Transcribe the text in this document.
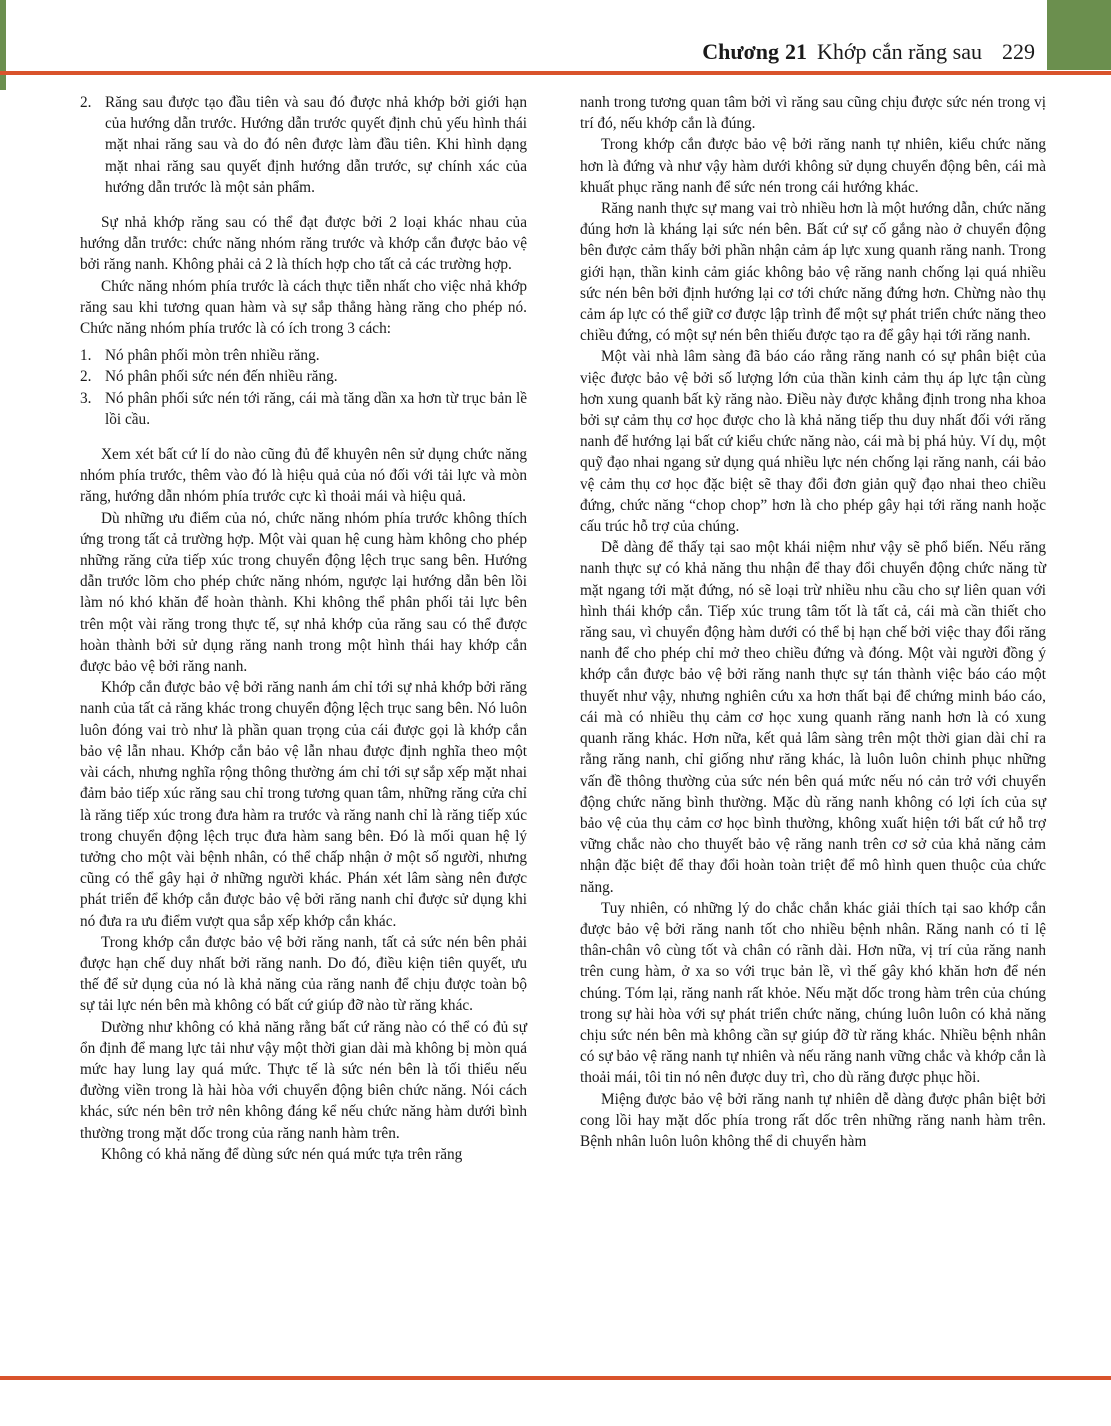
Chương 21 Khớp cắn răng sau 229
2. Răng sau được tạo đầu tiên và sau đó được nhả khớp bởi giới hạn của hướng dẫn trước. Hướng dẫn trước quyết định chủ yếu hình thái mặt nhai răng sau và do đó nên được làm đầu tiên. Khi hình dạng mặt nhai răng sau quyết định hướng dẫn trước, sự chính xác của hướng dẫn trước là một sản phẩm.

Sự nhả khớp răng sau có thể đạt được bởi 2 loại khác nhau của hướng dẫn trước: chức năng nhóm răng trước và khớp cắn được bảo vệ bởi răng nanh. Không phải cả 2 là thích hợp cho tất cả các trường hợp.

Chức năng nhóm phía trước là cách thực tiễn nhất cho việc nhả khớp răng sau khi tương quan hàm và sự sắp thẳng hàng răng cho phép nó. Chức năng nhóm phía trước là có ích trong 3 cách:

1. Nó phân phối mòn trên nhiều răng.
2. Nó phân phối sức nén đến nhiều răng.
3. Nó phân phối sức nén tới răng, cái mà tăng dần xa hơn từ trục bản lề lồi cầu.

Xem xét bất cứ lí do nào cũng đủ để khuyên nên sử dụng chức năng nhóm phía trước, thêm vào đó là hiệu quả của nó đối với tải lực và mòn răng, hướng dẫn nhóm phía trước cực kì thoải mái và hiệu quả.

Dù những ưu điểm của nó, chức năng nhóm phía trước không thích ứng trong tất cả trường hợp. Một vài quan hệ cung hàm không cho phép những răng cửa tiếp xúc trong chuyển động lệch trục sang bên. Hướng dẫn trước lõm cho phép chức năng nhóm, ngược lại hướng dẫn bên lồi làm nó khó khăn để hoàn thành. Khi không thể phân phối tải lực bên trên một vài răng trong thực tế, sự nhả khớp của răng sau có thể được hoàn thành bởi sử dụng răng nanh trong một hình thái hay khớp cắn được bảo vệ bởi răng nanh.

Khớp cắn được bảo vệ bởi răng nanh ám chỉ tới sự nhả khớp bởi răng nanh của tất cả răng khác trong chuyển động lệch trục sang bên. Nó luôn luôn đóng vai trò như là phần quan trọng của cái được gọi là khớp cắn bảo vệ lẫn nhau. Khớp cắn bảo vệ lẫn nhau được định nghĩa theo một vài cách, nhưng nghĩa rộng thông thường ám chỉ tới sự sắp xếp mặt nhai đảm bảo tiếp xúc răng sau chỉ trong tương quan tâm, những răng cửa chỉ là răng tiếp xúc trong đưa hàm ra trước và răng nanh chỉ là răng tiếp xúc trong chuyển động lệch trục đưa hàm sang bên. Đó là mối quan hệ lý tưởng cho một vài bệnh nhân, có thể chấp nhận ở một số người, nhưng cũng có thể gây hại ở những người khác. Phán xét lâm sàng nên được phát triển để khớp cắn được bảo vệ bởi răng nanh chỉ được sử dụng khi nó đưa ra ưu điểm vượt qua sắp xếp khớp cắn khác.

Trong khớp cắn được bảo vệ bởi răng nanh, tất cả sức nén bên phải được hạn chế duy nhất bởi răng nanh. Do đó, điều kiện tiên quyết, ưu thế để sử dụng của nó là khả năng của răng nanh để chịu được toàn bộ sự tải lực nén bên mà không có bất cứ giúp đỡ nào từ răng khác.

Dường như không có khả năng rằng bất cứ răng nào có thể có đủ sự ổn định để mang lực tải như vậy một thời gian dài mà không bị mòn quá mức hay lung lay quá mức. Thực tế là sức nén bên là tối thiểu nếu đường viền trong là hài hòa với chuyển động biên chức năng. Nói cách khác, sức nén bên trở nên không đáng kể nếu chức năng hàm dưới bình thường trong mặt dốc trong của răng nanh hàm trên.

Không có khả năng để dùng sức nén quá mức tựa trên răng

nanh trong tương quan tâm bởi vì răng sau cũng chịu được sức nén trong vị trí đó, nếu khớp cắn là đúng.

Trong khớp cắn được bảo vệ bởi răng nanh tự nhiên, kiểu chức năng hơn là đứng và như vậy hàm dưới không sử dụng chuyển động bên, cái mà khuất phục răng nanh để sức nén trong cái hướng khác.

Răng nanh thực sự mang vai trò nhiều hơn là một hướng dẫn, chức năng đúng hơn là kháng lại sức nén bên. Bất cứ sự cố gắng nào ở chuyển động bên được cảm thấy bởi phần nhận cảm áp lực xung quanh răng nanh. Trong giới hạn, thần kinh cảm giác không bảo vệ răng nanh chống lại quá nhiều sức nén bên bởi định hướng lại cơ tới chức năng đứng hơn. Chừng nào thụ cảm áp lực có thể giữ cơ được lập trình để một sự phát triển chức năng theo chiều đứng, có một sự nén bên thiếu được tạo ra để gây hại tới răng nanh.

Một vài nhà lâm sàng đã báo cáo rằng răng nanh có sự phân biệt của việc được bảo vệ bởi số lượng lớn của thần kinh cảm thụ áp lực tận cùng hơn xung quanh bất kỳ răng nào. Điều này được khẳng định trong nha khoa bởi sự cảm thụ cơ học được cho là khả năng tiếp thu duy nhất đối với răng nanh để hướng lại bất cứ kiểu chức năng nào, cái mà bị phá hủy. Ví dụ, một quỹ đạo nhai ngang sử dụng quá nhiều lực nén chống lại răng nanh, cái bảo vệ cảm thụ cơ học đặc biệt sẽ thay đổi đơn giản quỹ đạo nhai theo chiều đứng, chức năng “chop chop” hơn là cho phép gây hại tới răng nanh hoặc cấu trúc hỗ trợ của chúng.

Dễ dàng để thấy tại sao một khái niệm như vậy sẽ phổ biến. Nếu răng nanh thực sự có khả năng thu nhận để thay đổi chuyển động chức năng từ mặt ngang tới mặt đứng, nó sẽ loại trừ nhiều nhu cầu cho sự liên quan với hình thái khớp cắn. Tiếp xúc trung tâm tốt là tất cả, cái mà cần thiết cho răng sau, vì chuyển động hàm dưới có thể bị hạn chế bởi việc thay đổi răng nanh để cho phép chỉ mở theo chiều đứng và đóng. Một vài người đồng ý khớp cắn được bảo vệ bởi răng nanh thực sự tán thành việc báo cáo một thuyết như vậy, nhưng nghiên cứu xa hơn thất bại để chứng minh báo cáo, cái mà có nhiều thụ cảm cơ học xung quanh răng nanh hơn là có xung quanh răng khác. Hơn nữa, kết quả lâm sàng trên một thời gian dài chỉ ra rằng răng nanh, chỉ giống như răng khác, là luôn luôn chinh phục những vấn đề thông thường của sức nén bên quá mức nếu nó cản trở với chuyển động chức năng bình thường. Mặc dù răng nanh không có lợi ích của sự bảo vệ của thụ cảm cơ học bình thường, không xuất hiện tới bất cứ hỗ trợ vững chắc nào cho thuyết bảo vệ răng nanh trên cơ sở của khả năng cảm nhận đặc biệt để thay đổi hoàn toàn triệt để mô hình quen thuộc của chức năng.

Tuy nhiên, có những lý do chắc chắn khác giải thích tại sao khớp cắn được bảo vệ bởi răng nanh tốt cho nhiều bệnh nhân. Răng nanh có tỉ lệ thân-chân vô cùng tốt và chân có rãnh dài. Hơn nữa, vị trí của răng nanh trên cung hàm, ở xa so với trục bản lề, vì thế gây khó khăn hơn để nén chúng. Tóm lại, răng nanh rất khỏe. Nếu mặt dốc trong hàm trên của chúng trong sự hài hòa với sự phát triển chức năng, chúng luôn luôn có khả năng chịu sức nén bên mà không cần sự giúp đỡ từ răng khác. Nhiều bệnh nhân có sự bảo vệ răng nanh tự nhiên và nếu răng nanh vững chắc và khớp cắn là thoải mái, tôi tin nó nên được duy trì, cho dù răng được phục hồi.

Miệng được bảo vệ bởi răng nanh tự nhiên dễ dàng được phân biệt bởi cong lồi hay mặt dốc phía trong rất dốc trên những răng nanh hàm trên. Bệnh nhân luôn luôn không thể di chuyển hàm
